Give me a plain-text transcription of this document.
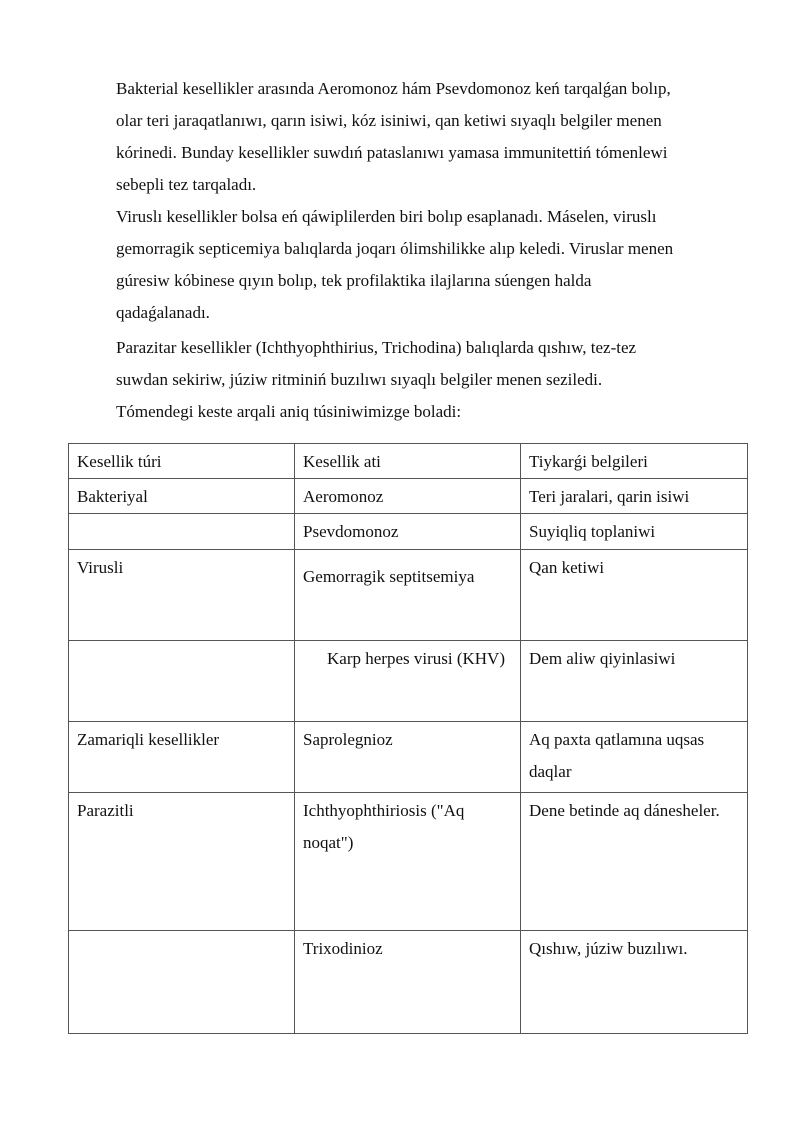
Bakterial kesellikler arasında Aeromonoz hám Psevdomonoz keń tarqalǵan bolıp,
olar teri jaraqatlanıwı, qarın isiwi, kóz isiniwi, qan ketiwi sıyaqlı belgiler menen
kórinedi. Bunday kesellikler suwdıń pataslanıwı yamasa immunitettiń tómenlewi
sebepli tez tarqaladı.

Viruslı kesellikler bolsa eń qáwiplilerden biri bolıp esaplanadı. Máselen, viruslı
gemorragik septicemiya balıqlarda joqarı ólimshilikke alıp keledi. Viruslar menen
gúresiw kóbinese qıyın bolıp, tek profilaktika ilajlarına súengen halda
qadaǵalanadı.

Parazitar kesellikler (Ichthyophthirius, Trichodina) balıqlarda qıshıw, tez-tez
suwdan sekiriw, júziw ritminiń buzılıwı sıyaqlı belgiler menen seziledi.

Tómendegi keste arqali aniq túsiniwimizge boladi:

Kesellik túri	Kesellik ati	Tiykarǵi belgileri
Bakteriyal	Aeromonoz	Teri jaralari, qarin isiwi
	Psevdomonoz	Suyiqliq toplaniwi
Virusli	Gemorragik septitsemiya	Qan ketiwi

	Karp herpes virusi (KHV)	Dem aliw qiyinlasiwi
Zamariqli kesellikler	Saprolegnioz	Aq paxta qatlamına uqsas daqlar
Parazitli	Ichthyophthiriosis ("Aq noqat")	Dene betinde aq dánesheler.
	Trixodinioz	Qıshıw, júziw buzılıwı.
